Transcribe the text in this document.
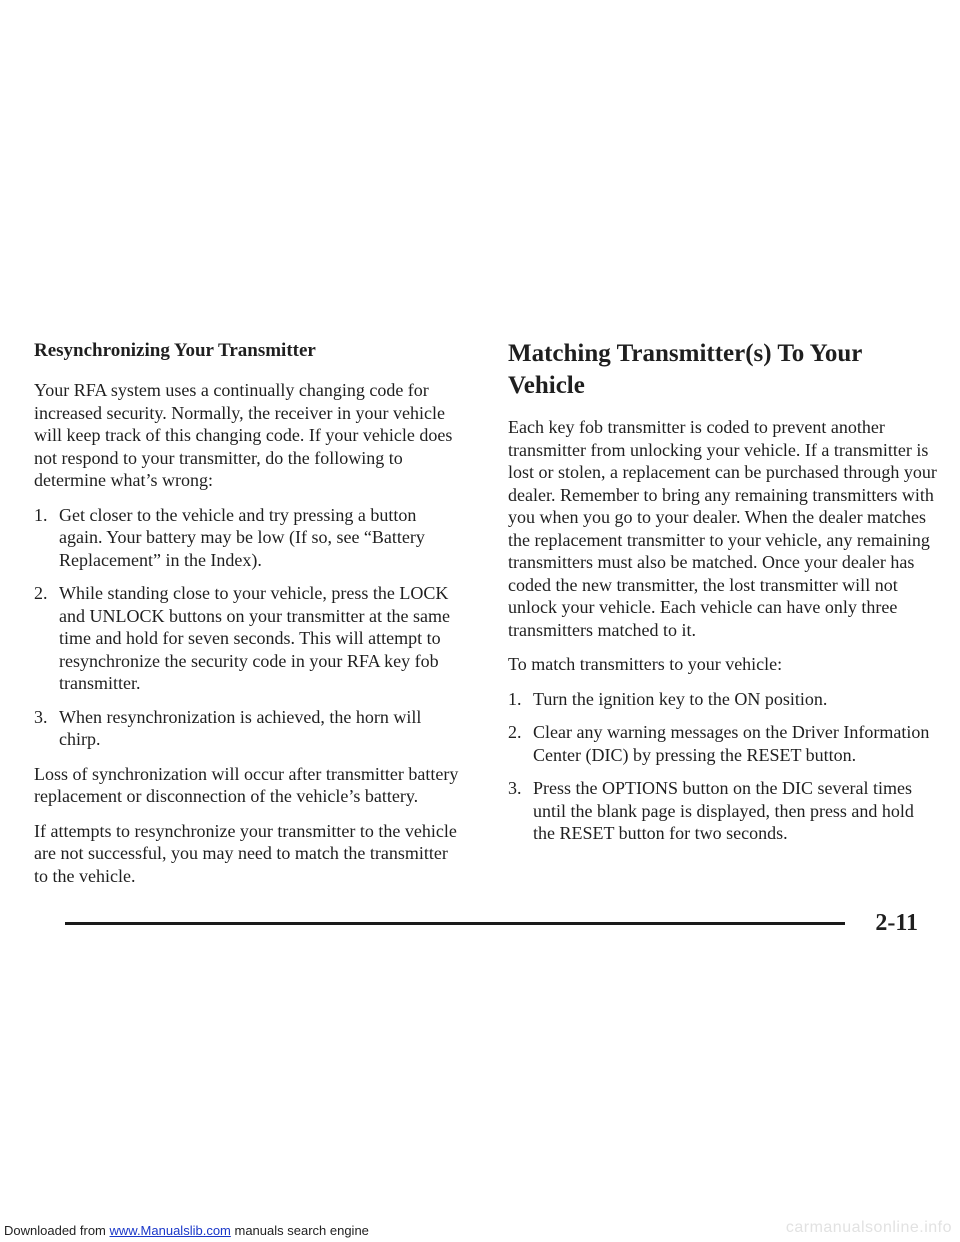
Resynchronizing Your Transmitter

Your RFA system uses a continually changing code for increased security. Normally, the receiver in your vehicle will keep track of this changing code. If your vehicle does not respond to your transmitter, do the following to determine what’s wrong:

1. Get closer to the vehicle and try pressing a button again. Your battery may be low (If so, see “Battery Replacement” in the Index).
2. While standing close to your vehicle, press the LOCK and UNLOCK buttons on your transmitter at the same time and hold for seven seconds. This will attempt to resynchronize the security code in your RFA key fob transmitter.
3. When resynchronization is achieved, the horn will chirp.

Loss of synchronization will occur after transmitter battery replacement or disconnection of the vehicle’s battery.

If attempts to resynchronize your transmitter to the vehicle are not successful, you may need to match the transmitter to the vehicle.

Matching Transmitter(s) To Your Vehicle

Each key fob transmitter is coded to prevent another transmitter from unlocking your vehicle. If a transmitter is lost or stolen, a replacement can be purchased through your dealer. Remember to bring any remaining transmitters with you when you go to your dealer. When the dealer matches the replacement transmitter to your vehicle, any remaining transmitters must also be matched. Once your dealer has coded the new transmitter, the lost transmitter will not unlock your vehicle. Each vehicle can have only three transmitters matched to it.

To match transmitters to your vehicle:

1. Turn the ignition key to the ON position.
2. Clear any warning messages on the Driver Information Center (DIC) by pressing the RESET button.
3. Press the OPTIONS button on the DIC several times until the blank page is displayed, then press and hold the RESET button for two seconds.
2-11
Downloaded from www.Manualslib.com manuals search engine	carmanualsonline.info
